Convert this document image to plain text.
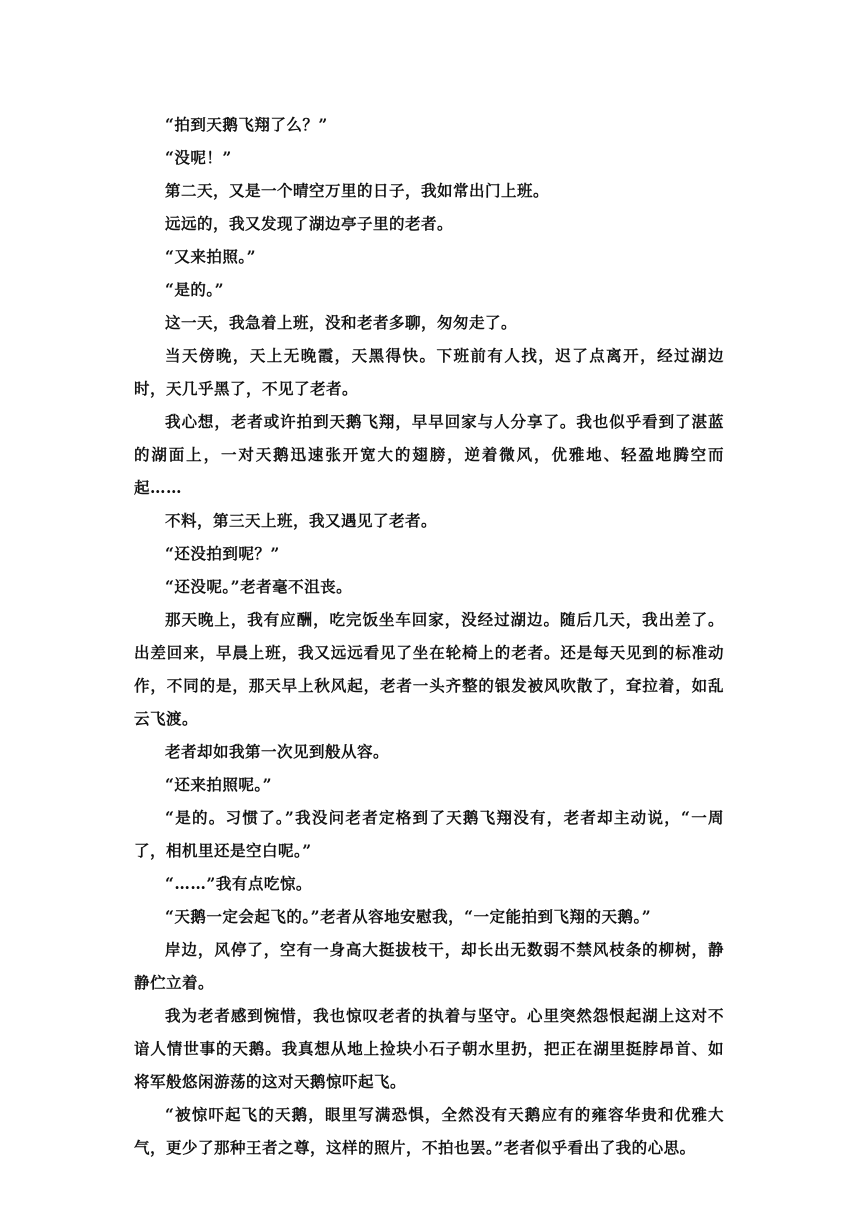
“拍到天鹅飞翔了么？”

“没呢！”

第二天，又是一个晴空万里的日子，我如常出门上班。

远远的，我又发现了湖边亭子里的老者。

“又来拍照。”

“是的。”

这一天，我急着上班，没和老者多聊，匆匆走了。

当天傍晚，天上无晚霞，天黑得快。下班前有人找，迟了点离开，经过湖边时，天几乎黑了，不见了老者。

我心想，老者或许拍到天鹅飞翔，早早回家与人分享了。我也似乎看到了湛蓝的湖面上，一对天鹅迅速张开宽大的翅膀，逆着微风，优雅地、轻盈地腾空而起……

不料，第三天上班，我又遇见了老者。

“还没拍到呢？”

“还没呢。”老者毫不沮丧。

那天晚上，我有应酬，吃完饭坐车回家，没经过湖边。随后几天，我出差了。出差回来，早晨上班，我又远远看见了坐在轮椅上的老者。还是每天见到的标准动作，不同的是，那天早上秋风起，老者一头齐整的银发被风吹散了，耷拉着，如乱云飞渡。

老者却如我第一次见到般从容。

“还来拍照呢。”

“是的。习惯了。”我没问老者定格到了天鹅飞翔没有，老者却主动说，“一周了，相机里还是空白呢。”

“……”我有点吃惊。

“天鹅一定会起飞的。”老者从容地安慰我，“一定能拍到飞翔的天鹅。”

岸边，风停了，空有一身高大挺拔枝干，却长出无数弱不禁风枝条的柳树，静静伫立着。

我为老者感到惋惜，我也惊叹老者的执着与坚守。心里突然怨恨起湖上这对不谙人情世事的天鹅。我真想从地上捡块小石子朝水里扔，把正在湖里挺脖昂首、如将军般悠闲游荡的这对天鹅惊吓起飞。

“被惊吓起飞的天鹅，眼里写满恐惧，全然没有天鹅应有的雍容华贵和优雅大气，更少了那种王者之尊，这样的照片，不拍也罢。”老者似乎看出了我的心思。
